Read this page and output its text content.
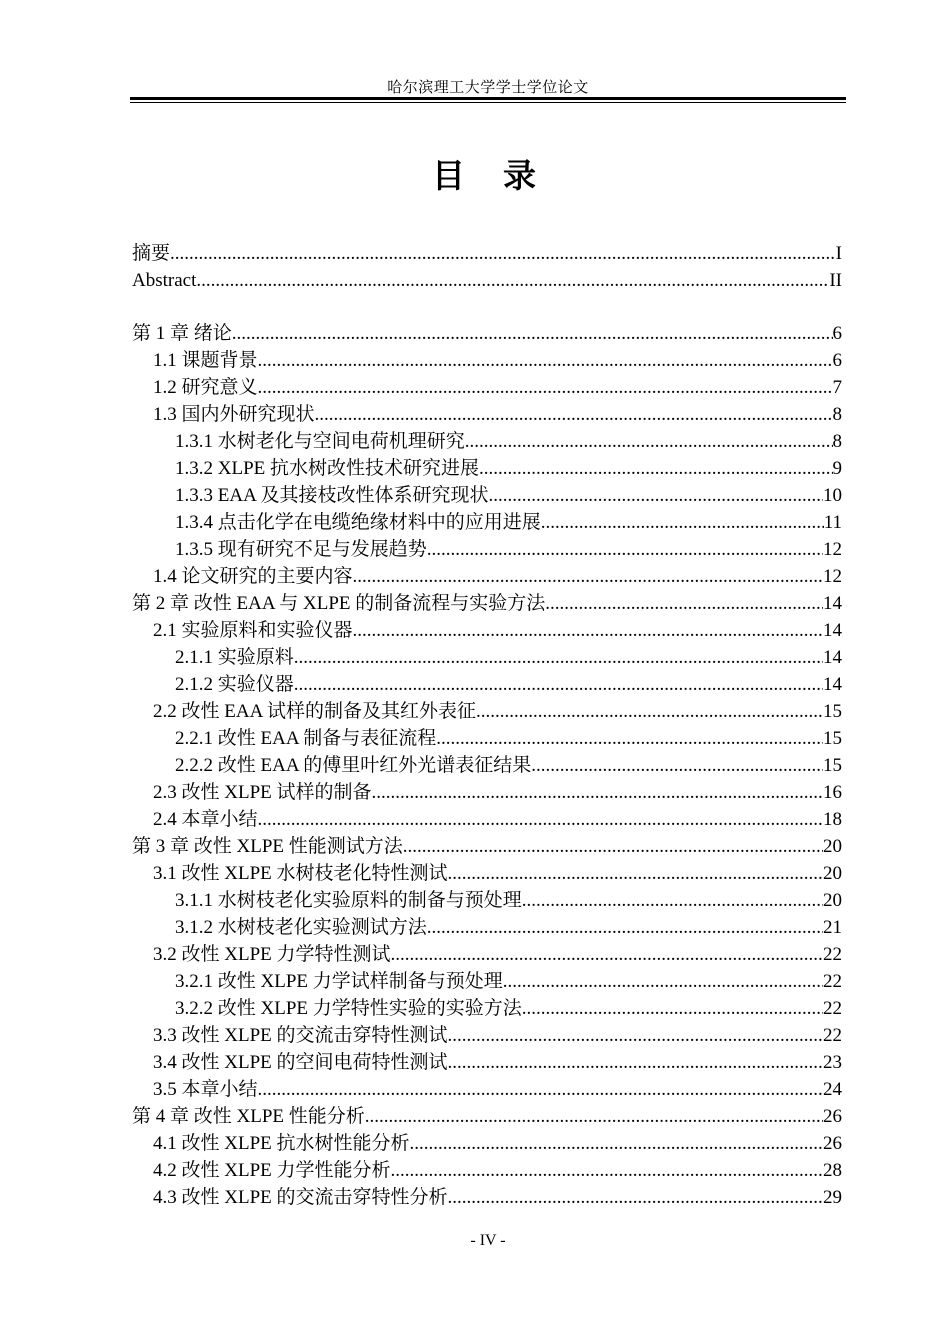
哈尔滨理工大学学士学位论文
目 录
摘要 .....	I
Abstract .....	II
第 1 章 绪论 .....	6
1.1 课题背景 .....	6
1.2 研究意义 .....	7
1.3 国内外研究现状 .....	8
1.3.1 水树老化与空间电荷机理研究 .....	8
1.3.2 XLPE 抗水树改性技术研究进展 .....	9
1.3.3 EAA 及其接枝改性体系研究现状 .....	10
1.3.4 点击化学在电缆绝缘材料中的应用进展 .....	11
1.3.5 现有研究不足与发展趋势 .....	12
1.4 论文研究的主要内容 .....	12
第 2 章 改性 EAA 与 XLPE 的制备流程与实验方法 .....	14
2.1 实验原料和实验仪器 .....	14
2.1.1 实验原料 .....	14
2.1.2 实验仪器 .....	14
2.2 改性 EAA 试样的制备及其红外表征 .....	15
2.2.1 改性 EAA 制备与表征流程 .....	15
2.2.2 改性 EAA 的傅里叶红外光谱表征结果 .....	15
2.3 改性 XLPE 试样的制备 .....	16
2.4 本章小结 .....	18
第 3 章 改性 XLPE 性能测试方法 .....	20
3.1 改性 XLPE 水树枝老化特性测试 .....	20
3.1.1 水树枝老化实验原料的制备与预处理 .....	20
3.1.2 水树枝老化实验测试方法 .....	21
3.2 改性 XLPE 力学特性测试 .....	22
3.2.1 改性 XLPE 力学试样制备与预处理 .....	22
3.2.2 改性 XLPE 力学特性实验的实验方法 .....	22
3.3 改性 XLPE 的交流击穿特性测试 .....	22
3.4 改性 XLPE 的空间电荷特性测试 .....	23
3.5 本章小结 .....	24
第 4 章 改性 XLPE 性能分析 .....	26
4.1 改性 XLPE 抗水树性能分析 .....	26
4.2 改性 XLPE 力学性能分析 .....	28
4.3 改性 XLPE 的交流击穿特性分析 .....	29
- IV -
